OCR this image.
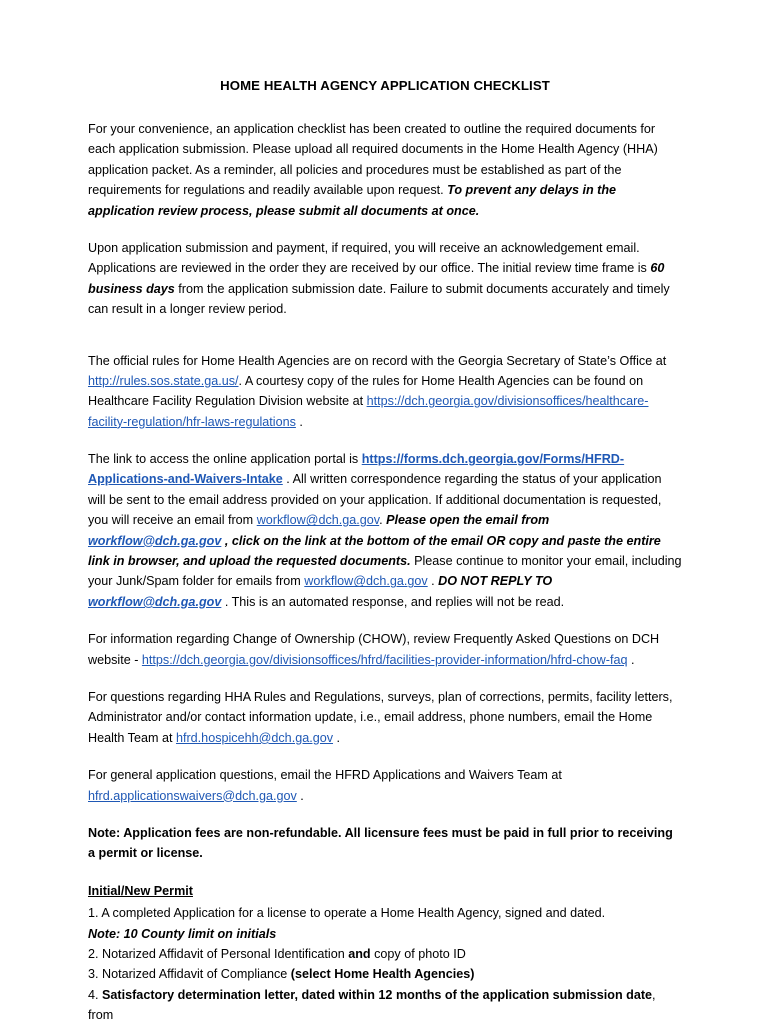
HOME HEALTH AGENCY APPLICATION CHECKLIST

For your convenience, an application checklist has been created to outline the required documents for each application submission. Please upload all required documents in the Home Health Agency (HHA) application packet. As a reminder, all policies and procedures must be established as part of the requirements for regulations and readily available upon request. To prevent any delays in the application review process, please submit all documents at once.

Upon application submission and payment, if required, you will receive an acknowledgement email. Applications are reviewed in the order they are received by our office. The initial review time frame is 60 business days from the application submission date. Failure to submit documents accurately and timely can result in a longer review period.

The official rules for Home Health Agencies are on record with the Georgia Secretary of State’s Office at http://rules.sos.state.ga.us/. A courtesy copy of the rules for Home Health Agencies can be found on Healthcare Facility Regulation Division website at https://dch.georgia.gov/divisionsoffices/healthcare-facility-regulation/hfr-laws-regulations .

The link to access the online application portal is https://forms.dch.georgia.gov/Forms/HFRD-Applications-and-Waivers-Intake . All written correspondence regarding the status of your application will be sent to the email address provided on your application. If additional documentation is requested, you will receive an email from workflow@dch.ga.gov. Please open the email from workflow@dch.ga.gov , click on the link at the bottom of the email OR copy and paste the entire link in browser, and upload the requested documents. Please continue to monitor your email, including your Junk/Spam folder for emails from workflow@dch.ga.gov . DO NOT REPLY TO workflow@dch.ga.gov . This is an automated response, and replies will not be read.

For information regarding Change of Ownership (CHOW), review Frequently Asked Questions on DCH website - https://dch.georgia.gov/divisionsoffices/hfrd/facilities-provider-information/hfrd-chow-faq .

For questions regarding HHA Rules and Regulations, surveys, plan of corrections, permits, facility letters, Administrator and/or contact information update, i.e., email address, phone numbers, email the Home Health Team at hfrd.hospicehh@dch.ga.gov .

For general application questions, email the HFRD Applications and Waivers Team at hfrd.applicationswaivers@dch.ga.gov .

Note: Application fees are non-refundable. All licensure fees must be paid in full prior to receiving a permit or license.

Initial/New Permit
1. A completed Application for a license to operate a Home Health Agency, signed and dated.
Note: 10 County limit on initials
2. Notarized Affidavit of Personal Identification and copy of photo ID
3. Notarized Affidavit of Compliance (select Home Health Agencies)
4. Satisfactory determination letter, dated within 12 months of the application submission date, from
